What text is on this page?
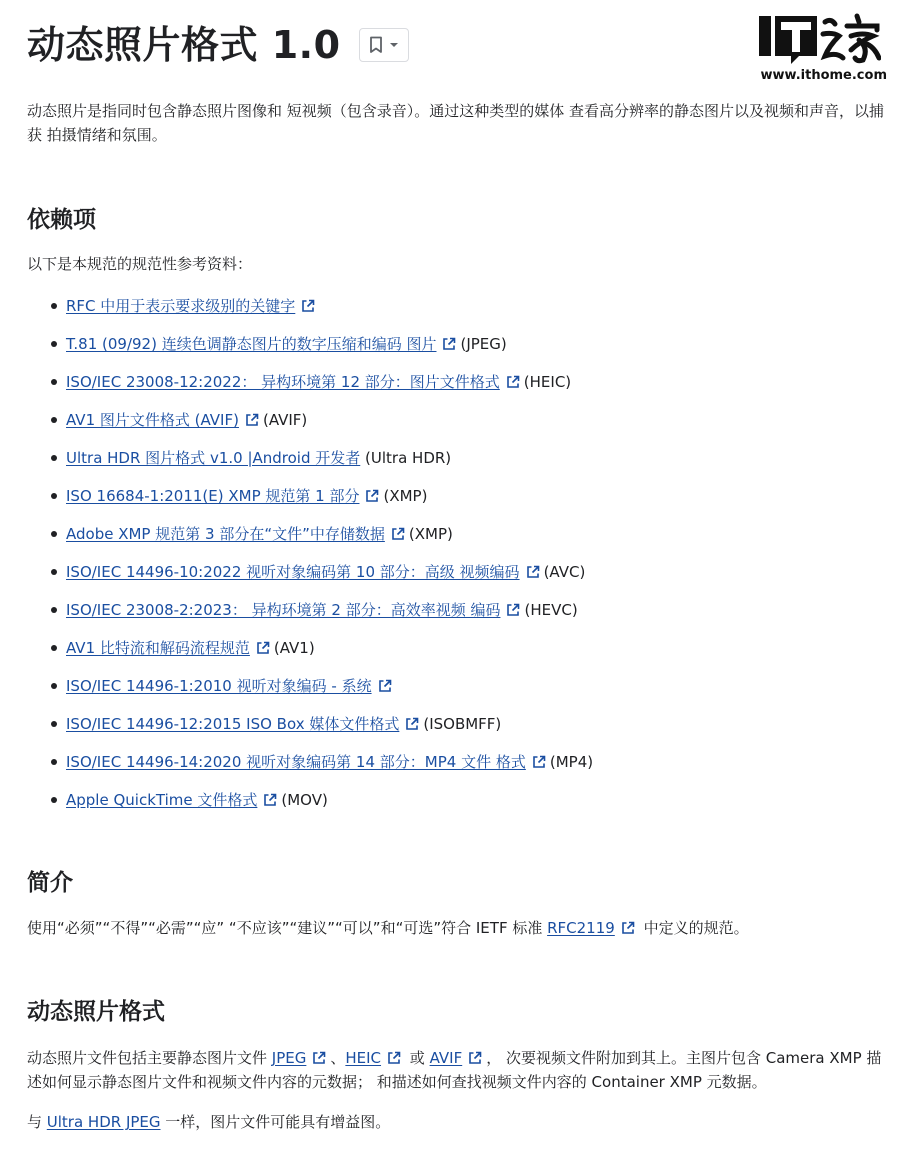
动态照片格式 1.0
www.ithome.com

动态照片是指同时包含静态照片图像和 短视频（包含录音）。通过这种类型的媒体 查看高分辨率的静态图片以及视频和声音，以捕获 拍摄情绪和氛围。

依赖项

以下是本规范的规范性参考资料：

RFC 中用于表示要求级别的关键字
T.81 (09/92) 连续色调静态图片的数字压缩和编码 图片 (JPEG)
ISO/IEC 23008-12:2022： 异构环境第 12 部分：图片文件格式 (HEIC)
AV1 图片文件格式 (AVIF) (AVIF)
Ultra HDR 图片格式 v1.0 |Android 开发者 (Ultra HDR)
ISO 16684-1:2011(E) XMP 规范第 1 部分 (XMP)
Adobe XMP 规范第 3 部分在“文件”中存储数据 (XMP)
ISO/IEC 14496-10:2022 视听对象编码第 10 部分：高级 视频编码 (AVC)
ISO/IEC 23008-2:2023： 异构环境第 2 部分：高效率视频 编码 (HEVC)
AV1 比特流和解码流程规范 (AV1)
ISO/IEC 14496-1:2010 视听对象编码 - 系统
ISO/IEC 14496-12:2015 ISO Box 媒体文件格式 (ISOBMFF)
ISO/IEC 14496-14:2020 视听对象编码第 14 部分：MP4 文件 格式 (MP4)
Apple QuickTime 文件格式 (MOV)
简介

使用“必须”“不得”“必需”“应” “不应该”“建议”“可以”和“可选”符合 IETF 标准 RFC2119 中定义的规范。

动态照片格式

动态照片文件包括主要静态图片文件 JPEG 、HEIC 或 AVIF ， 次要视频文件附加到其上。主图片包含 Camera XMP 描述如何显示静态图片文件和视频文件内容的元数据； 和描述如何查找视频文件内容的 Container XMP 元数据。

与 Ultra HDR JPEG 一样，图片文件可能具有增益图。
